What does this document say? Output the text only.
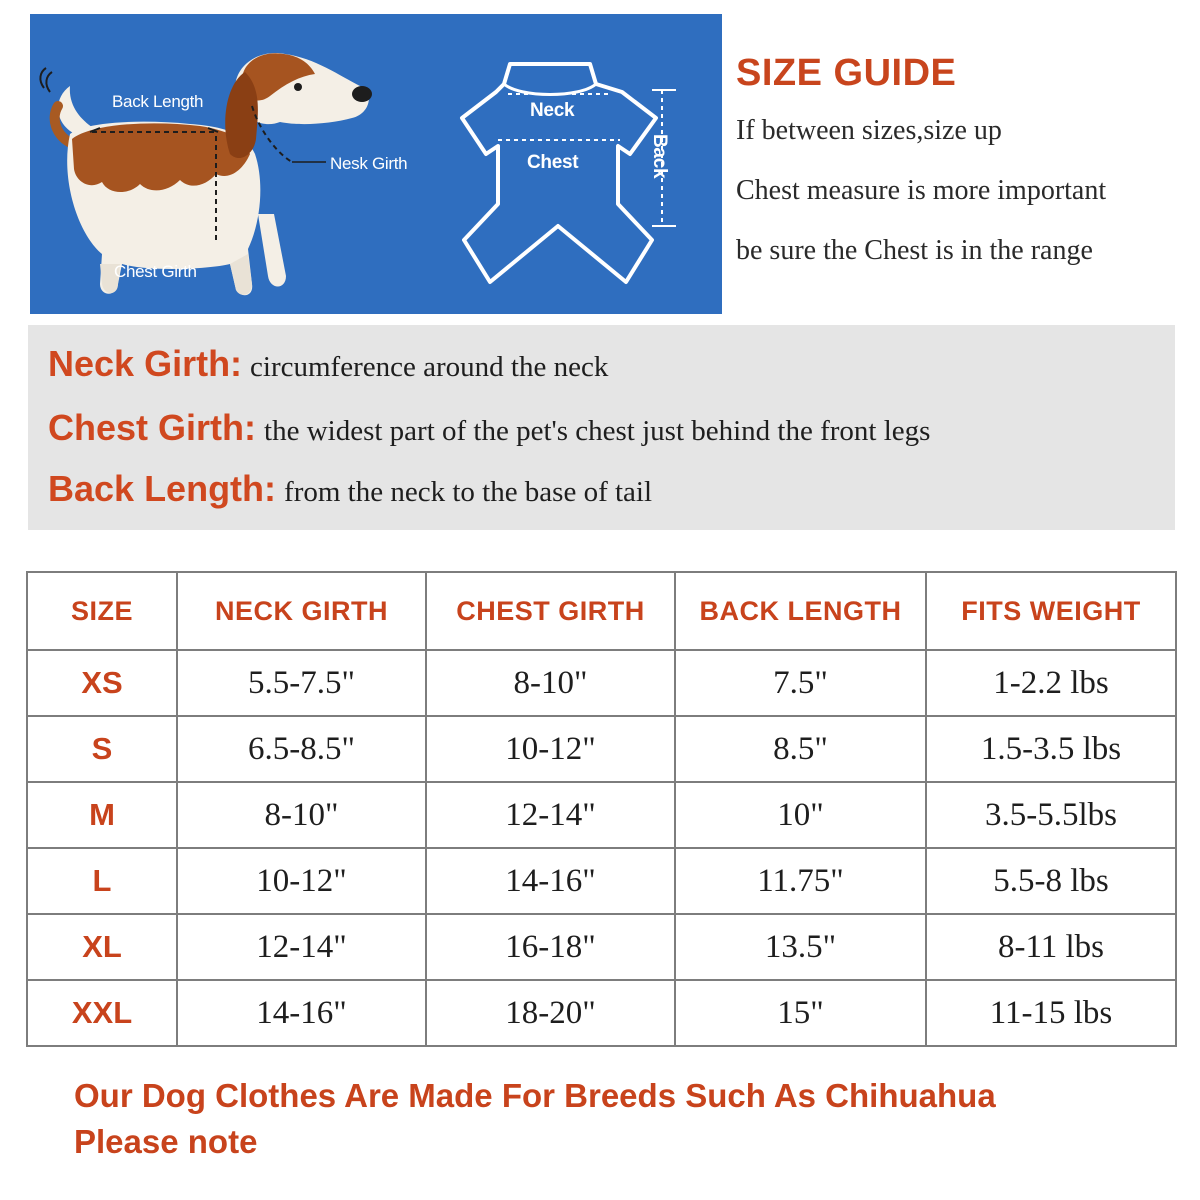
Back Length
Nesk Girth
Chest Girth
Neck
Chest	Back
SIZE GUIDE
If between sizes,size up
Chest measure is more important
be sure the Chest is in the range
Neck Girth: circumference around the neck
Chest Girth: the widest part of the pet's chest just behind the front legs
Back Length: from the neck to the base of tail
SIZE	NECK GIRTH	CHEST GIRTH	BACK LENGTH	FITS WEIGHT
XS	5.5-7.5"	8-10"	7.5"	1-2.2 lbs
S	6.5-8.5"	10-12"	8.5"	1.5-3.5 lbs
M	8-10"	12-14"	10"	3.5-5.5lbs
L	10-12"	14-16"	11.75"	5.5-8 lbs
XL	12-14"	16-18"	13.5"	8-11 lbs
XXL	14-16"	18-20"	15"	11-15 lbs
Our Dog Clothes Are Made For Breeds Such As Chihuahua
Please note
